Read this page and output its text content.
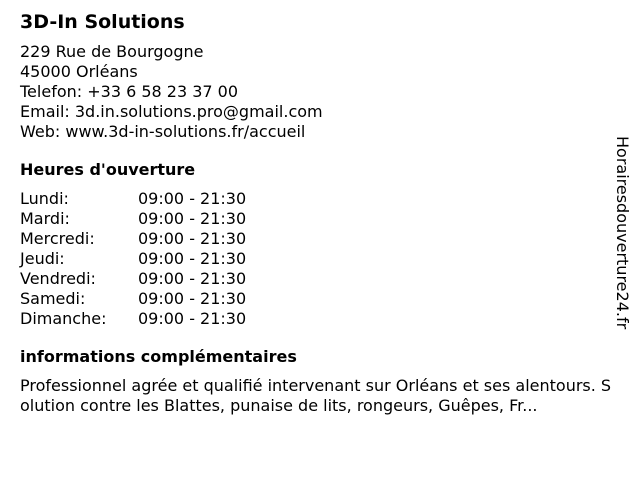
3D-In Solutions
229 Rue de Bourgogne
45000 Orléans
Telefon: +33 6 58 23 37 00
Email: 3d.in.solutions.pro@gmail.com
Web: www.3d-in-solutions.fr/accueil
Heures d'ouverture
Lundi:	09:00 - 21:30
Mardi:	09:00 - 21:30
Mercredi:	09:00 - 21:30
Jeudi:	09:00 - 21:30
Vendredi:	09:00 - 21:30
Samedi:	09:00 - 21:30
Dimanche:	09:00 - 21:30
informations complémentaires
Professionnel agrée et qualifié intervenant sur Orléans et ses alentours. Solution contre les Blattes, punaise de lits, rongeurs, Guêpes, Fr...
Horairesdouverture24.fr
